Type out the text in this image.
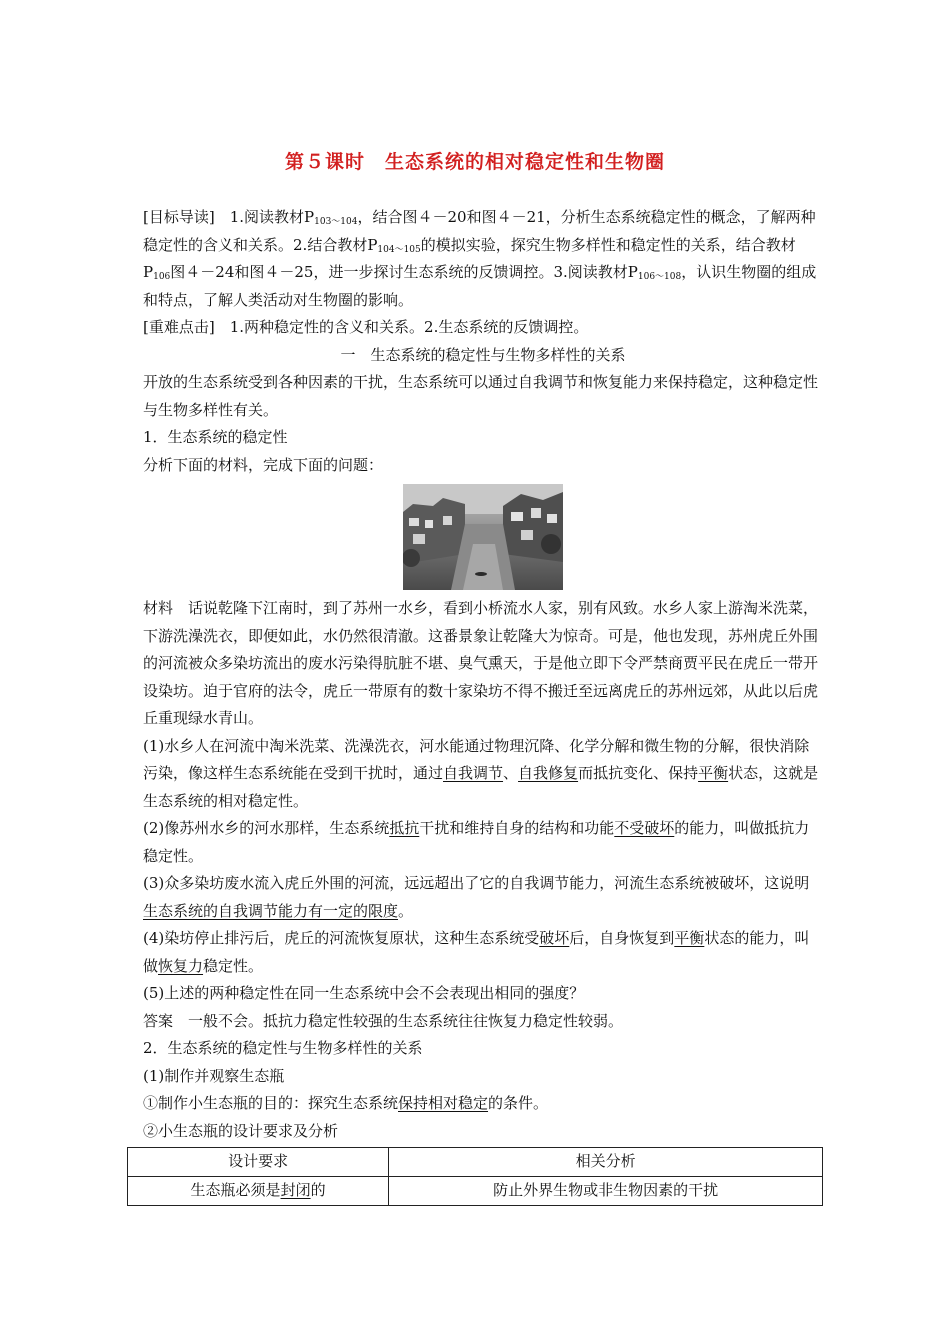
第５课时　生态系统的相对稳定性和生物圈

[目标导读]　1.阅读教材$P_{103\sim 104}$，结合图４－20和图４－21，分析生态系统稳定性的概念，了解两种稳定性的含义和关系。2.结合教材$P_{104\sim 105}$的模拟实验，探究生物多样性和稳定性的关系，结合教材$P_{106}$图４－24和图４－25，进一步探讨生态系统的反馈调控。3.阅读教材$P_{106\sim 108}$，认识生物圈的组成和特点，了解人类活动对生物圈的影响。

[重难点击]　1.两种稳定性的含义和关系。2.生态系统的反馈调控。

一　生态系统的稳定性与生物多样性的关系

开放的生态系统受到各种因素的干扰，生态系统可以通过自我调节和恢复能力来保持稳定，这种稳定性与生物多样性有关。

1．生态系统的稳定性

分析下面的材料，完成下面的问题：

材料　话说乾隆下江南时，到了苏州一水乡，看到小桥流水人家，别有风致。水乡人家上游淘米洗菜，下游洗澡洗衣，即便如此，水仍然很清澈。这番景象让乾隆大为惊奇。可是，他也发现，苏州虎丘外围的河流被众多染坊流出的废水污染得肮脏不堪、臭气熏天，于是他立即下令严禁商贾平民在虎丘一带开设染坊。迫于官府的法令，虎丘一带原有的数十家染坊不得不搬迁至远离虎丘的苏州远郊，从此以后虎丘重现绿水青山。

(1)水乡人在河流中淘米洗菜、洗澡洗衣，河水能通过物理沉降、化学分解和微生物的分解，很快消除污染，像这样生态系统能在受到干扰时，通过自我调节、自我修复而抵抗变化、保持平衡状态，这就是生态系统的相对稳定性。

(2)像苏州水乡的河水那样，生态系统抵抗干扰和维持自身的结构和功能不受破坏的能力，叫做抵抗力稳定性。

(3)众多染坊废水流入虎丘外围的河流，远远超出了它的自我调节能力，河流生态系统被破坏，这说明生态系统的自我调节能力有一定的限度。

(4)染坊停止排污后，虎丘的河流恢复原状，这种生态系统受破坏后，自身恢复到平衡状态的能力，叫做恢复力稳定性。

(5)上述的两种稳定性在同一生态系统中会不会表现出相同的强度？

答案　一般不会。抵抗力稳定性较强的生态系统往往恢复力稳定性较弱。

2．生态系统的稳定性与生物多样性的关系

(1)制作并观察生态瓶

①制作小生态瓶的目的：探究生态系统保持相对稳定的条件。

②小生态瓶的设计要求及分析

设计要求	相关分析
生态瓶必须是封闭的	防止外界生物或非生物因素的干扰
